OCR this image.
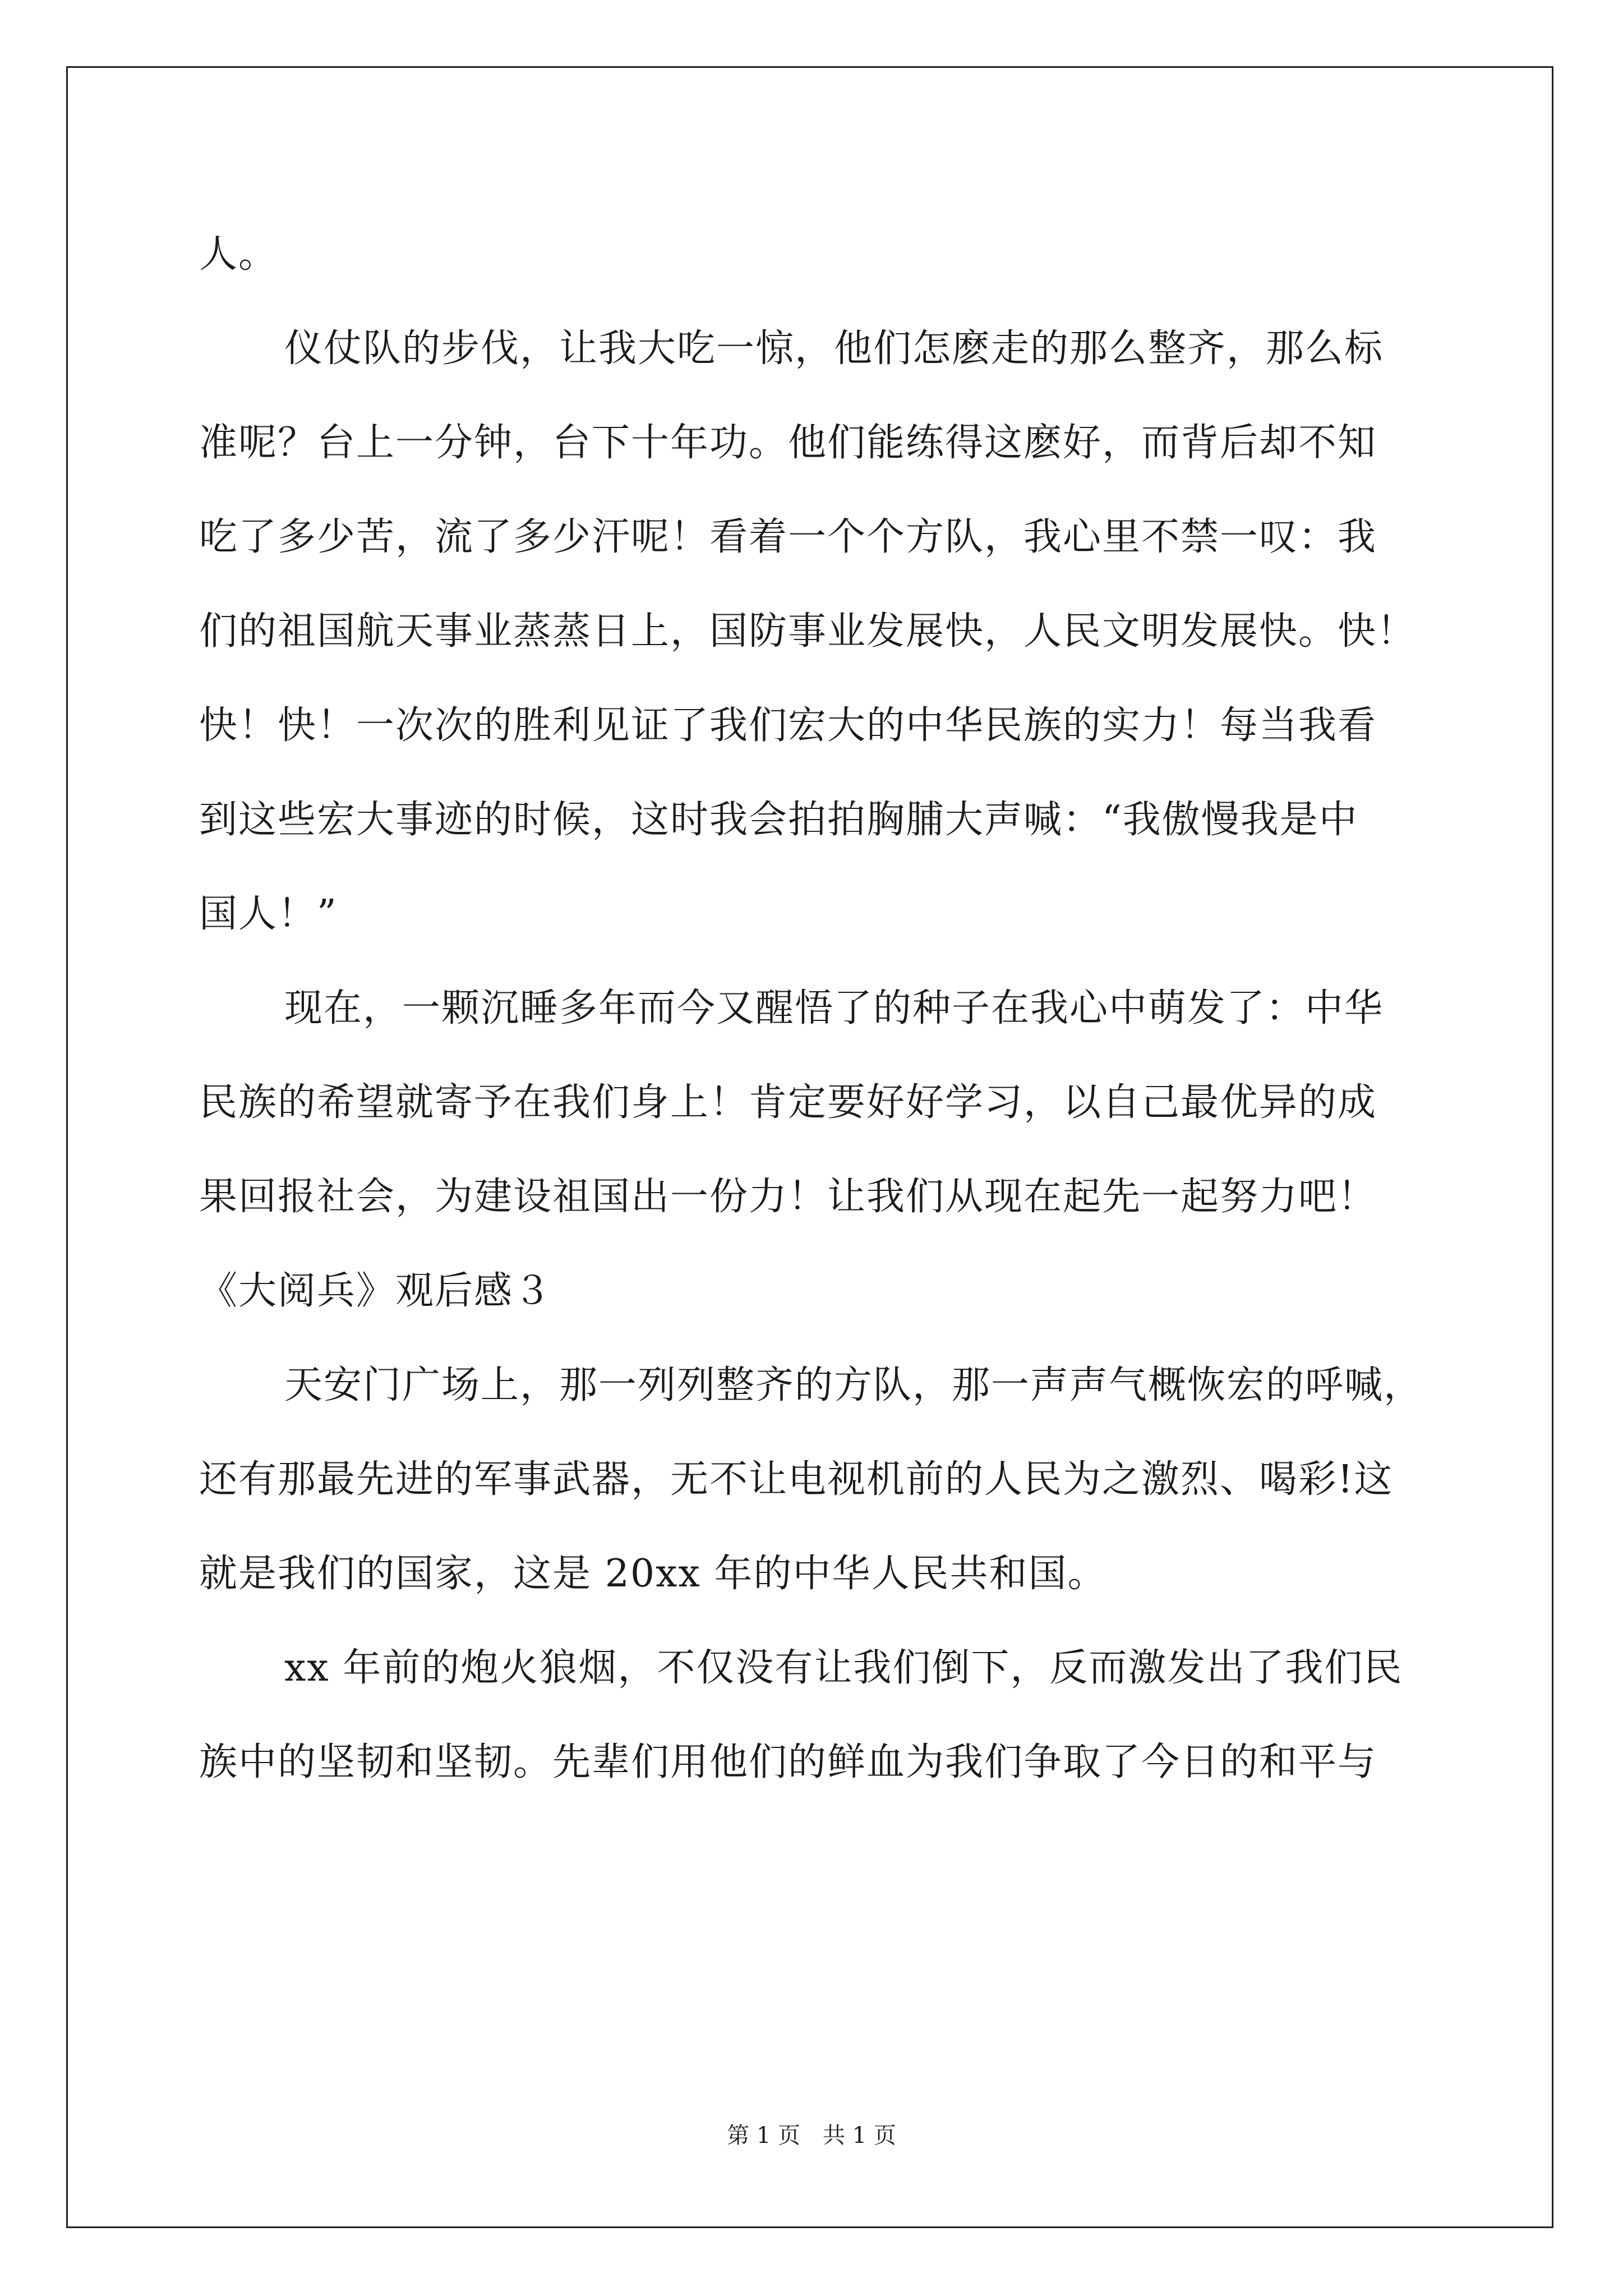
人。
仪仗队的步伐，让我大吃一惊，他们怎麽走的那么整齐，那么标
准呢？台上一分钟，台下十年功。他们能练得这麽好，而背后却不知
吃了多少苦，流了多少汗呢！看着一个个方队，我心里不禁一叹：我
们的祖国航天事业蒸蒸日上，国防事业发展快，人民文明发展快。快！
快！快！一次次的胜利见证了我们宏大的中华民族的实力！每当我看
到这些宏大事迹的时候，这时我会拍拍胸脯大声喊：“我傲慢我是中
国人！”
现在，一颗沉睡多年而今又醒悟了的种子在我心中萌发了：中华
民族的希望就寄予在我们身上！肯定要好好学习，以自己最优异的成
果回报社会，为建设祖国出一份力！让我们从现在起先一起努力吧！
《大阅兵》观后感３
天安门广场上，那一列列整齐的方队，那一声声气概恢宏的呼喊，
还有那最先进的军事武器，无不让电视机前的人民为之激烈、喝彩!这
就是我们的国家，这是 20xx 年的中华人民共和国。
xx 年前的炮火狼烟，不仅没有让我们倒下，反而激发出了我们民
族中的坚韧和坚韧。先辈们用他们的鲜血为我们争取了今日的和平与
第 1 页　共 1 页
